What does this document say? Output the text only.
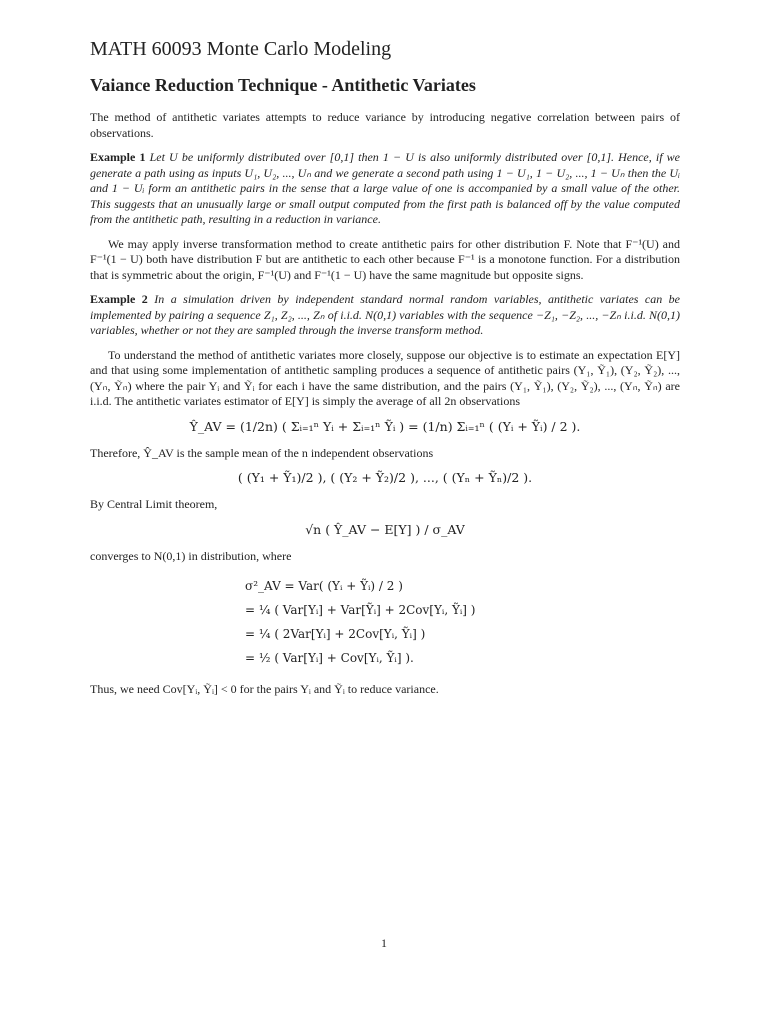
MATH 60093 Monte Carlo Modeling
Vaiance Reduction Technique - Antithetic Variates

The method of antithetic variates attempts to reduce variance by introducing negative correlation between pairs of observations.

Example 1 Let U be uniformly distributed over [0,1] then 1 − U is also uniformly distributed over [0,1]. Hence, if we generate a path using as inputs U₁, U₂, ..., Uₙ and we generate a second path using 1 − U₁, 1 − U₂, ..., 1 − Uₙ then the Uᵢ and 1 − Uᵢ form an antithetic pairs in the sense that a large value of one is accompanied by a small value of the other. This suggests that an unusually large or small output computed from the first path is balanced off by the value computed from the antithetic path, resulting in a reduction in variance.

We may apply inverse transformation method to create antithetic pairs for other distribution F. Note that F⁻¹(U) and F⁻¹(1 − U) both have distribution F but are antithetic to each other because F⁻¹ is a monotone function. For a distribution that is symmetric about the origin, F⁻¹(U) and F⁻¹(1 − U) have the same magnitude but opposite signs.

Example 2 In a simulation driven by independent standard normal random variables, antithetic variates can be implemented by pairing a sequence Z₁, Z₂, ..., Zₙ of i.i.d. N(0,1) variables with the sequence −Z₁, −Z₂, ..., −Zₙ i.i.d. N(0,1) variables, whether or not they are sampled through the inverse transform method.

To understand the method of antithetic variates more closely, suppose our objective is to estimate an expectation E[Y] and that using some implementation of antithetic sampling produces a sequence of antithetic pairs (Y₁, Ỹ₁), (Y₂, Ỹ₂), ..., (Yₙ, Ỹₙ) where the pair Yᵢ and Ỹᵢ for each i have the same distribution, and the pairs (Y₁, Ỹ₁), (Y₂, Ỹ₂), ..., (Yₙ, Ỹₙ) are i.i.d. The antithetic variates estimator of E[Y] is simply the average of all 2n observations

Ŷ_AV = (1/2n) ( Σᵢ₌₁ⁿ Yᵢ + Σᵢ₌₁ⁿ Ỹᵢ ) = (1/n) Σᵢ₌₁ⁿ ( (Yᵢ + Ỹᵢ) / 2 ).

Therefore, Ŷ_AV is the sample mean of the n independent observations

( (Y₁ + Ỹ₁)/2 ), ( (Y₂ + Ỹ₂)/2 ), ..., ( (Yₙ + Ỹₙ)/2 ).

By Central Limit theorem,

√n ( Ŷ_AV − E[Y] ) / σ_AV

converges to N(0,1) in distribution, where

σ²_AV = Var( (Yᵢ + Ỹᵢ) / 2 )
= ¼ ( Var[Yᵢ] + Var[Ỹᵢ] + 2Cov[Yᵢ, Ỹᵢ] )
= ¼ ( 2Var[Yᵢ] + 2Cov[Yᵢ, Ỹᵢ] )
= ½ ( Var[Yᵢ] + Cov[Yᵢ, Ỹᵢ] ).

Thus, we need Cov[Yᵢ, Ỹᵢ] < 0 for the pairs Yᵢ and Ỹᵢ to reduce variance.

1
